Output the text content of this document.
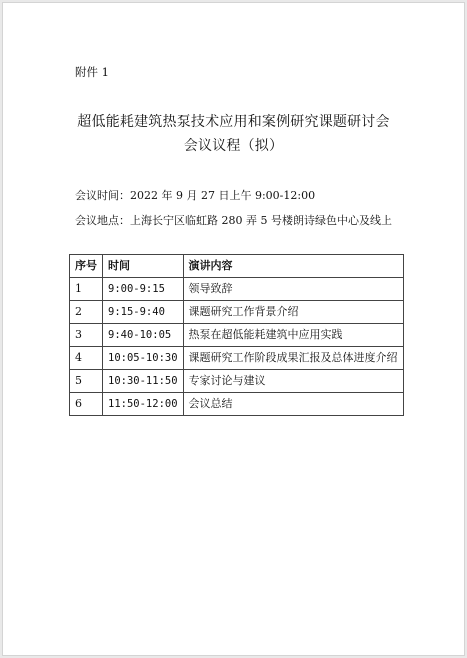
附件 1
超低能耗建筑热泵技术应用和案例研究课题研讨会
会议议程（拟）
会议时间：2022 年 9 月 27 日上午 9:00-12:00
会议地点：上海长宁区临虹路 280 弄 5 号楼朗诗绿色中心及线上
序号	时间	演讲内容
1	9:00-9:15	领导致辞
2	9:15-9:40	课题研究工作背景介绍
3	9:40-10:05	热泵在超低能耗建筑中应用实践
4	10:05-10:30	课题研究工作阶段成果汇报及总体进度介绍
5	10:30-11:50	专家讨论与建议
6	11:50-12:00	会议总结
